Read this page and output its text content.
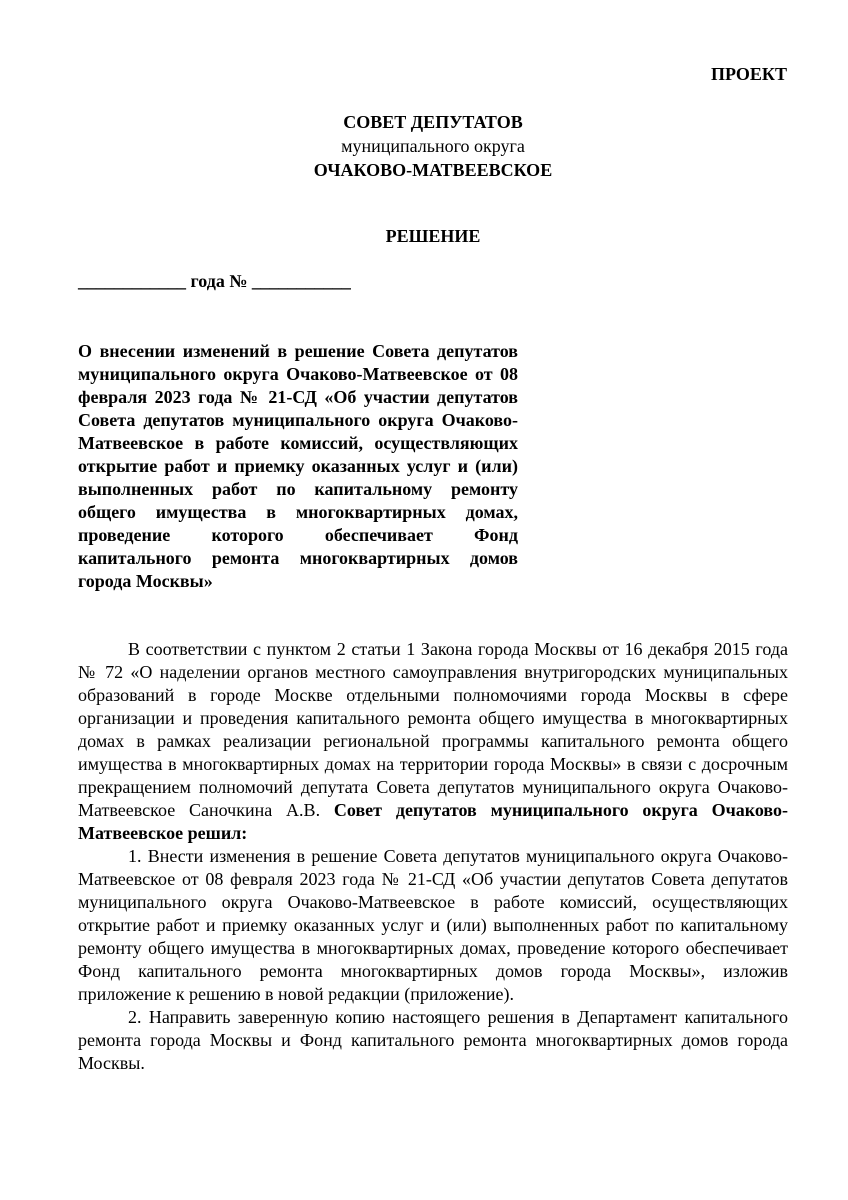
ПРОЕКТ
СОВЕТ ДЕПУТАТОВ
муниципального округа
ОЧАКОВО-МАТВЕЕВСКОЕ
РЕШЕНИЕ
____________ года № ___________
О внесении изменений в решение Совета депутатов муниципального округа Очаково-Матвеевское от 08 февраля 2023 года № 21-СД «Об участии депутатов Совета депутатов муниципального округа Очаково-Матвеевское в работе комиссий, осуществляющих открытие работ и приемку оказанных услуг и (или) выполненных работ по капитальному ремонту общего имущества в многоквартирных домах, проведение которого обеспечивает Фонд капитального ремонта многоквартирных домов города Москвы»

В соответствии с пунктом 2 статьи 1 Закона города Москвы от 16 декабря 2015 года № 72 «О наделении органов местного самоуправления внутригородских муниципальных образований в городе Москве отдельными полномочиями города Москвы в сфере организации и проведения капитального ремонта общего имущества в многоквартирных домах в рамках реализации региональной программы капитального ремонта общего имущества в многоквартирных домах на территории города Москвы» в связи с досрочным прекращением полномочий депутата Совета депутатов муниципального округа Очаково-Матвеевское Саночкина А.В. Совет депутатов муниципального округа Очаково-Матвеевское решил:

1. Внести изменения в решение Совета депутатов муниципального округа Очаково-Матвеевское от 08 февраля 2023 года № 21-СД «Об участии депутатов Совета депутатов муниципального округа Очаково-Матвеевское в работе комиссий, осуществляющих открытие работ и приемку оказанных услуг и (или) выполненных работ по капитальному ремонту общего имущества в многоквартирных домах, проведение которого обеспечивает Фонд капитального ремонта многоквартирных домов города Москвы», изложив приложение к решению в новой редакции (приложение).

2. Направить заверенную копию настоящего решения в Департамент капитального ремонта города Москвы и Фонд капитального ремонта многоквартирных домов города Москвы.
